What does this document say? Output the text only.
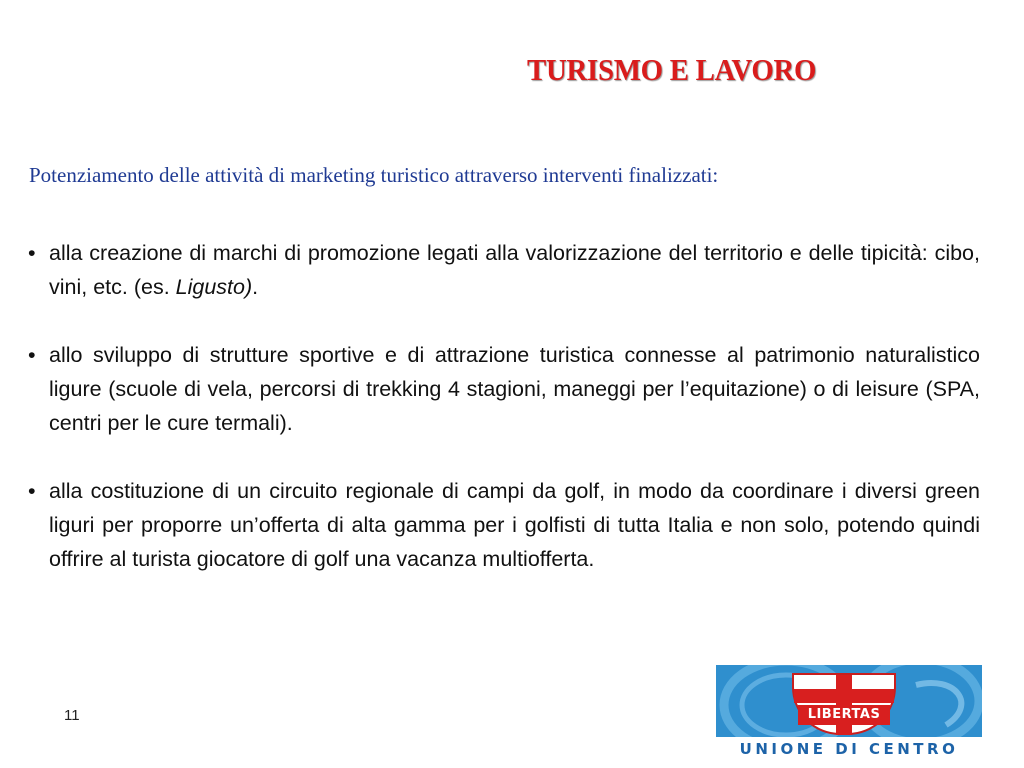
TURISMO E LAVORO
Potenziamento delle attività di marketing turistico attraverso interventi finalizzati:
• alla creazione di marchi di promozione legati alla valorizzazione del territorio e delle tipicità: cibo, vini, etc. (es. Ligusto).
• allo sviluppo di strutture sportive e di attrazione turistica connesse al patrimonio naturalistico ligure (scuole di vela, percorsi di trekking 4 stagioni, maneggi per l’equitazione) o di leisure (SPA, centri per le cure termali).
• alla costituzione di un circuito regionale di campi da golf, in modo da coordinare i diversi green liguri per proporre un’offerta di alta gamma per i golfisti di tutta Italia e non solo, potendo quindi offrire al turista giocatore di golf una vacanza multiofferta.
11	LIBERTAS
UNIONE DI CENTRO
